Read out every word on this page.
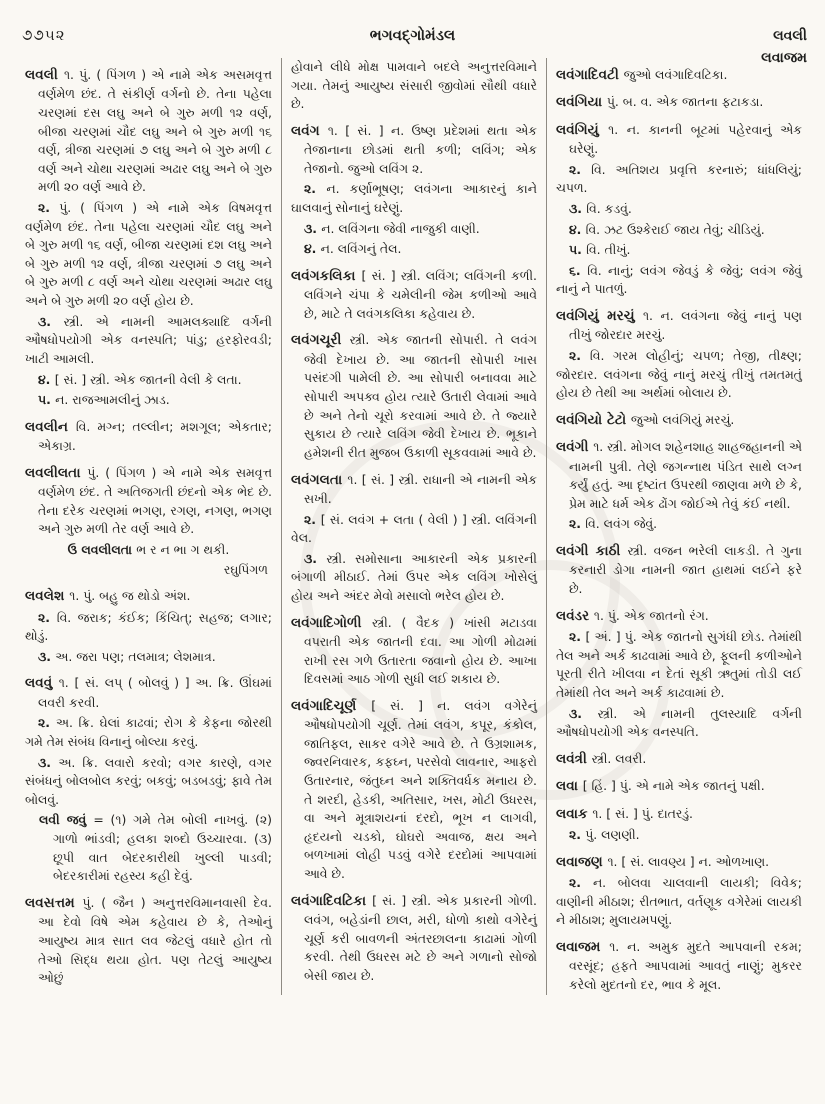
૭૭૫૨	ભગવદ્ગોમંડલ	લવલી
લવાજમ

લવલી ૧. પું. ( પિંગળ ) એ નામે એક અસમવૃત્ત વર્ણમેળ છંદ. તે સંકીર્ણ વર્ગનો છે. તેના પહેલા ચરણમાં દસ લઘુ અને બે ગુરુ મળી ૧૨ વર્ણ, બીજા ચરણમાં ચૌદ લઘુ અને બે ગુરુ મળી ૧૬ વર્ણ, ત્રીજા ચરણમાં ૭ લઘુ અને બે ગુરુ મળી ૮ વર્ણ અને ચોથા ચરણમાં અઢાર લઘુ અને બે ગુરુ મળી ૨૦ વર્ણ આવે છે.

૨. પું. ( પિંગળ ) એ નામે એક વિષમવૃત્ત વર્ણમેળ છંદ. તેના પહેલા ચરણમાં ચૌદ લઘુ અને બે ગુરુ મળી ૧૬ વર્ણ, બીજા ચરણમાં દશ લઘુ અને બે ગુરુ મળી ૧૨ વર્ણ, ત્રીજા ચરણમાં ૭ લઘુ અને બે ગુરુ મળી ૮ વર્ણ અને ચોથા ચરણમાં અઢાર લઘુ અને બે ગુરુ મળી ૨૦ વર્ણ હોય છે.

૩. સ્ત્રી. એ નામની આમલક્યાદિ વર્ગની ઔષધોપયોગી એક વનસ્પતિ; પાંડુ; હરફોરવડી; ખાટી આમલી.

૪. [ સં. ] સ્ત્રી. એક જાતની વેલી કે લતા.

૫. ન. રાજઆમલીનું ઝાડ.

લવલીન વિ. મગ્ન; તલ્લીન; મશગૂલ; એકતાર; એકાગ્ર.

લવલીલતા પું. ( પિંગળ ) એ નામે એક સમવૃત્ત વર્ણમેળ છંદ. તે અતિજગતી છંદનો એક ભેદ છે. તેના દરેક ચરણમાં ભગણ, રગણ, નગણ, ભગણ અને ગુરુ મળી તેર વર્ણ આવે છે.

ઉ લવલીલતા ભ ર ન ભા ગ થકી.

રઘુપિંગળ

લવલેશ ૧. પું. બહુ જ થોડો અંશ.

૨. વિ. જરાક; કંઈક; કિંચિત્; સહજ; લગાર; થોડું.

૩. અ. જરા પણ; તલમાત્ર; લેશમાત્ર.

લવવું ૧. [ સં. લપ્ ( બોલવું ) ] અ. ક્રિ. ઊંઘમાં લવરી કરવી.

૨. અ. ક્રિ. ઘેલાં કાઢવાં; રોગ કે કેફના જોરથી ગમે તેમ સંબંધ વિનાનું બોલ્યા કરવું.

૩. અ. ક્રિ. લવારો કરવો; વગર કારણે, વગર સંબંધનું બોલબોલ કરવું; બકવું; બડબડવું; ફાવે તેમ બોલવું.

લવી જવું = (૧) ગમે તેમ બોલી નાખવું. (૨) ગાળો ભાંડવી; હલકા શબ્દો ઉચ્ચારવા. (૩) છૂપી વાત બેદરકારીથી ખુલ્લી પાડવી; બેદરકારીમાં રહસ્ય કહી દેવું.

લવસત્તમ પું. ( જૈન ) અનુત્તરવિમાનવાસી દેવ. આ દેવો વિષે એમ કહેવાય છે કે, તેઓનું આયુષ્ય માત્ર સાત લવ જેટલું વધારે હોત તો તેઓ સિદ્ધ થયા હોત. પણ તેટલું આયુષ્ય ઓછું

હોવાને લીધે મોક્ષ પામવાને બદલે અનુત્તરવિમાને ગયા. તેમનું આયુષ્ય સંસારી જીવોમાં સૌથી વધારે છે.

લવંગ ૧. [ સં. ] ન. ઉષ્ણ પ્રદેશમાં થતા એક તેજાનાના છોડમાં થતી કળી; લવિંગ; એક તેજાનો. જુઓ લવિંગ ૨.

૨. ન. કર્ણાભૂષણ; લવંગના આકારનું કાને ઘાલવાનું સોનાનું ઘરેણું.

૩. ન. લવિંગના જેવી નાજુકી વાણી.

૪. ન. લવિંગનું તેલ.

લવંગકલિકા [ સં. ] સ્ત્રી. લવિંગ; લવિંગની કળી. લવિંગને ચંપા કે ચમેલીની જેમ કળીઓ આવે છે, માટે તે લવંગકલિકા કહેવાય છે.

લવંગચૂરી સ્ત્રી. એક જાતની સોપારી. તે લવંગ જેવી દેખાય છે. આ જાતની સોપારી ખાસ પસંદગી પામેલી છે. આ સોપારી બનાવવા માટે સોપારી અપક્વ હોય ત્યારે ઉતારી લેવામાં આવે છે અને તેનો ચૂરો કરવામાં આવે છે. તે જ્યારે સુકાય છે ત્યારે લવિંગ જેવી દેખાય છે. ભૂકાને હમેશની રીત મુજબ ઉકાળી સૂકવવામાં આવે છે.

લવંગલતા ૧. [ સં. ] સ્ત્રી. રાધાની એ નામની એક સખી.

૨. [ સં. લવંગ + લતા ( વેલી ) ] સ્ત્રી. લવિંગની વેલ.

૩. સ્ત્રી. સમોસાના આકારની એક પ્રકારની બંગાળી મીઠાઈ. તેમાં ઉપર એક લવિંગ ખોસેલું હોય અને અંદર મેવો મસાલો ભરેલ હોય છે.

લવંગાદિગોળી સ્ત્રી. ( વૈદક ) ખાંસી મટાડવા વપરાતી એક જાતની દવા. આ ગોળી મોઢામાં રાખી રસ ગળે ઉતારતા જવાનો હોય છે. આખા દિવસમાં આઠ ગોળી સુધી લઈ શકાય છે.

લવંગાદિચૂર્ણ [ સં. ] ન. લવંગ વગેરેનું ઔષધોપયોગી ચૂર્ણ. તેમાં લવંગ, કપૂર, કંકોલ, જાતિફલ, સાકર વગેરે આવે છે. તે ઉગ્રશામક, જ્વરનિવારક, કફઘ્ન, પરસેવો લાવનાર, આફરો ઉતારનાર, જંતુઘ્ન અને શક્તિવર્ધક મનાય છે. તે શરદી, હેડકી, અતિસાર, ખસ, મોટી ઉધરસ, વા અને મૂત્રાશયનાં દરદો, ભૂખ ન લાગવી, હૃદયનો ચડકો, ઘોઘરો અવાજ, ક્ષય અને બળખામાં લોહી પડવું વગેરે દરદોમાં આપવામાં આવે છે.

લવંગાદિવટિકા [ સં. ] સ્ત્રી. એક પ્રકારની ગોળી. લવંગ, બહેડાંની છાલ, મરી, ધોળો કાથો વગેરેનું ચૂર્ણ કરી બાવળની અંતરછાલના કાઢામાં ગોળી કરવી. તેથી ઉધરસ મટે છે અને ગળાનો સોજો બેસી જાય છે.

લવંગાદિવટી જુઓ લવંગાદિવટિકા.

લવંગિયા પું. બ. વ. એક જાતના ફટાકડા.

લવંગિયું ૧. ન. કાનની બૂટમાં પહેરવાનું એક ઘરેણું.

૨. વિ. અતિશય પ્રવૃત્તિ કરનારું; ધાંધલિયું; ચપળ.

૩. વિ. કડવું.

૪. વિ. ઝટ ઉશ્કેરાઈ જાય તેવું; ચીડિયું.

૫. વિ. તીખું.

૬. વિ. નાનું; લવંગ જેવડું કે જેવું; લવંગ જેવું નાનું ને પાતળું.

લવંગિયું મરચું ૧. ન. લવંગના જેવું નાનું પણ તીખું જોરદાર મરચું.

૨. વિ. ગરમ લોહીનું; ચપળ; તેજી, તીક્ષ્ણ; જોરદાર. લવંગના જેવું નાનું મરચું તીખું તમતમતું હોય છે તેથી આ અર્થમાં બોલાય છે.

લવંગિયો ટેટો જુઓ લવંગિયું મરચું.

લવંગી ૧. સ્ત્રી. મોગલ શહેનશાહ શાહજહાનની એ નામની પુત્રી. તેણે જગન્નાથ પંડિત સાથે લગ્ન કર્યું હતું. આ દૃષ્ટાંત ઉપરથી જાણવા મળે છે કે, પ્રેમ માટે ધર્મ એક ઢોંગ જોઈએ તેવું કંઈ નથી.

૨. વિ. લવંગ જેવું.

લવંગી કાઠી સ્ત્રી. વજન ભરેલી લાકડી. તે ગુના કરનારી ડોગા નામની જાત હાથમાં લઈને ફરે છે.

લવંડર ૧. પું. એક જાતનો રંગ.

૨. [ અં. ] પું. એક જાતનો સુગંધી છોડ. તેમાંથી તેલ અને અર્ક કાઢવામાં આવે છે, ફૂલની કળીઓને પૂરતી રીતે ખીલવા ન દેતાં સૂકી ઋતુમાં તોડી લઈ તેમાંથી તેલ અને અર્ક કાઢવામાં છે.

૩. સ્ત્રી. એ નામની તુલસ્યાદિ વર્ગની ઔષધોપયોગી એક વનસ્પતિ.

લવંત્રી સ્ત્રી. લવરી.

લવા [ હિં. ] પું. એ નામે એક જાતનું પક્ષી.

લવાક ૧. [ સં. ] પું. દાતરડું.

૨. પું. લણણી.

લવાજણ ૧. [ સં. લાવણ્ય ] ન. ઓળખાણ.

૨. ન. બોલવા ચાલવાની લાયકી; વિવેક; વાણીની મીઠાશ; રીતભાત, વર્તણૂક વગેરેમાં લાયકી ને મીઠાશ; મુલાયમપણું.

લવાજમ ૧. ન. અમુક મુદતે આપવાની રકમ; વરસૂંદ; હફતે આપવામાં આવતું નાણું; મુકરર કરેલો મુદતનો દર, ભાવ કે મૂલ.
